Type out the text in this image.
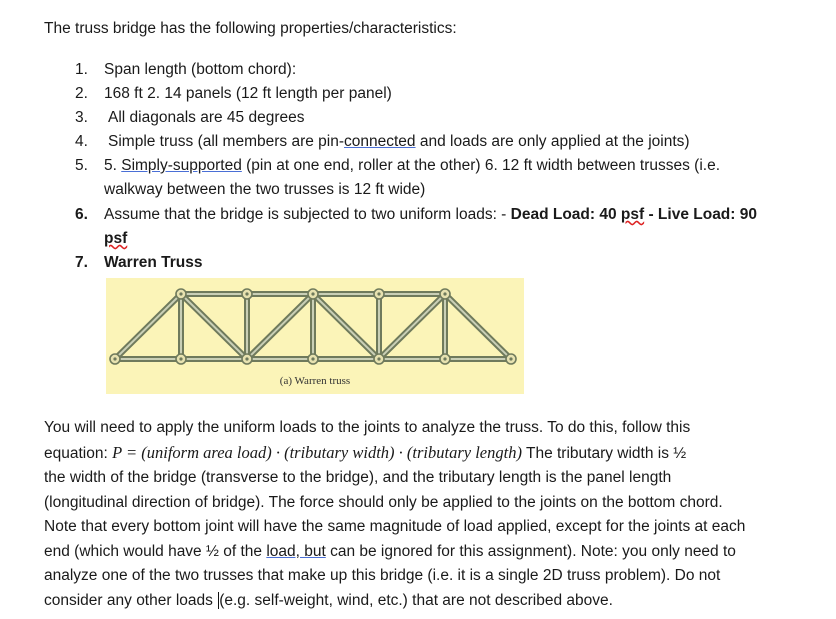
The truss bridge has the following properties/characteristics:
1. Span length (bottom chord):
2. 168 ft 2. 14 panels (12 ft length per panel)
3. All diagonals are 45 degrees
4. Simple truss (all members are pin-connected and loads are only applied at the joints)
5. 5. Simply-supported (pin at one end, roller at the other) 6. 12 ft width between trusses (i.e.
walkway between the two trusses is 12 ft wide)
6. Assume that the bridge is subjected to two uniform loads: - Dead Load: 40 psf - Live Load: 90
psf
7. Warren Truss
(a) Warren truss
You will need to apply the uniform loads to the joints to analyze the truss. To do this, follow this
equation: P = (uniform area load) · (tributary width) · (tributary length) The tributary width is ½
the width of the bridge (transverse to the bridge), and the tributary length is the panel length
(longitudinal direction of bridge). The force should only be applied to the joints on the bottom chord.
Note that every bottom joint will have the same magnitude of load applied, except for the joints at each
end (which would have ½ of the load, but can be ignored for this assignment). Note: you only need to
analyze one of the two trusses that make up this bridge (i.e. it is a single 2D truss problem). Do not
consider any other loads (e.g. self-weight, wind, etc.) that are not described above.
